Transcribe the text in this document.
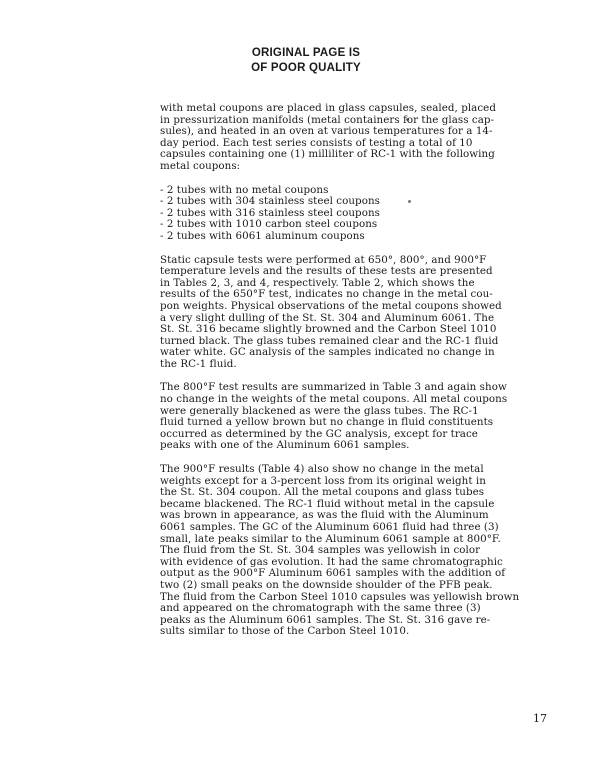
ORIGINAL PAGE IS
OF POOR QUALITY
with metal coupons are placed in glass capsules, sealed, placed
in pressurization manifolds (metal containers for the glass cap-
sules), and heated in an oven at various temperatures for a 14-
day period. Each test series consists of testing a total of 10
capsules containing one (1) milliliter of RC-1 with the following
metal coupons:
- 2 tubes with no metal coupons
- 2 tubes with 304 stainless steel coupons
- 2 tubes with 316 stainless steel coupons
- 2 tubes with 1010 carbon steel coupons
- 2 tubes with 6061 aluminum coupons
Static capsule tests were performed at 650°, 800°, and 900°F
temperature levels and the results of these tests are presented
in Tables 2, 3, and 4, respectively. Table 2, which shows the
results of the 650°F test, indicates no change in the metal cou-
pon weights. Physical observations of the metal coupons showed
a very slight dulling of the St. St. 304 and Aluminum 6061. The
St. St. 316 became slightly browned and the Carbon Steel 1010
turned black. The glass tubes remained clear and the RC-1 fluid
water white. GC analysis of the samples indicated no change in
the RC-1 fluid.
The 800°F test results are summarized in Table 3 and again show
no change in the weights of the metal coupons. All metal coupons
were generally blackened as were the glass tubes. The RC-1
fluid turned a yellow brown but no change in fluid constituents
occurred as determined by the GC analysis, except for trace
peaks with one of the Aluminum 6061 samples.
The 900°F results (Table 4) also show no change in the metal
weights except for a 3-percent loss from its original weight in
the St. St. 304 coupon. All the metal coupons and glass tubes
became blackened. The RC-1 fluid without metal in the capsule
was brown in appearance, as was the fluid with the Aluminum
6061 samples. The GC of the Aluminum 6061 fluid had three (3)
small, late peaks similar to the Aluminum 6061 sample at 800°F.
The fluid from the St. St. 304 samples was yellowish in color
with evidence of gas evolution. It had the same chromatographic
output as the 900°F Aluminum 6061 samples with the addition of
two (2) small peaks on the downside shoulder of the PFB peak.
The fluid from the Carbon Steel 1010 capsules was yellowish brown
and appeared on the chromatograph with the same three (3)
peaks as the Aluminum 6061 samples. The St. St. 316 gave re-
sults similar to those of the Carbon Steel 1010.
17
